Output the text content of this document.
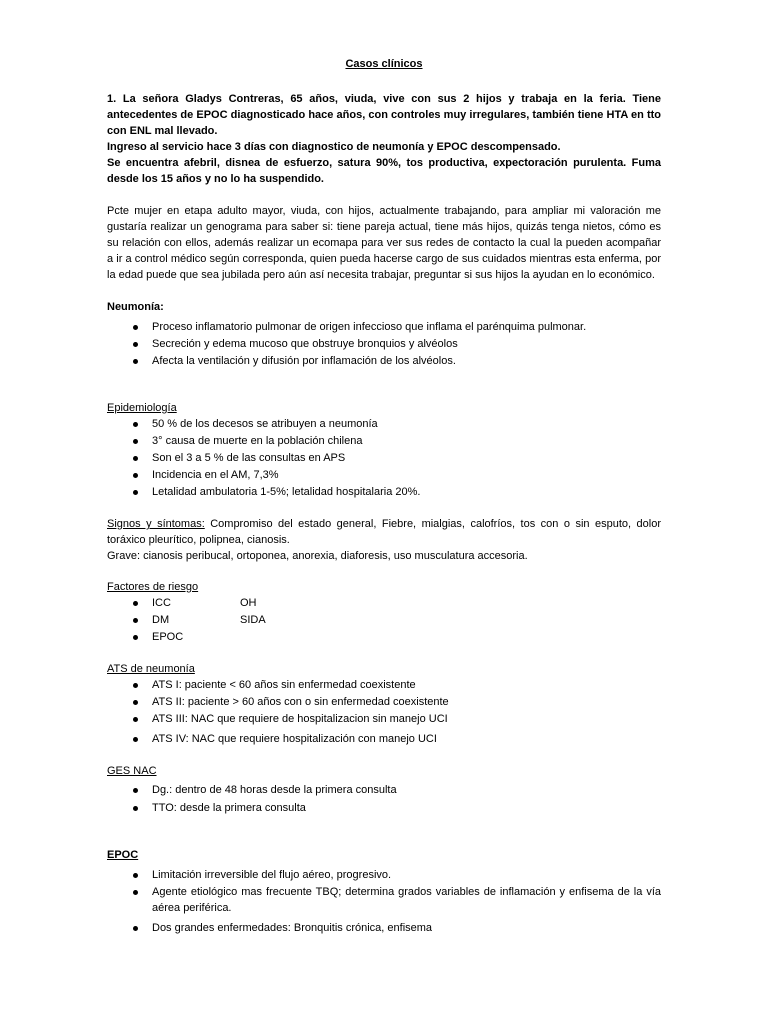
Casos clínicos

1. La señora Gladys Contreras, 65 años, viuda, vive con sus 2 hijos y trabaja en la feria. Tiene antecedentes de EPOC diagnosticado hace años, con controles muy irregulares, también tiene HTA en tto con ENL mal llevado.

Ingreso al servicio hace 3 días con diagnostico de neumonía y EPOC descompensado.

Se encuentra afebril, disnea de esfuerzo, satura 90%, tos productiva, expectoración purulenta. Fuma desde los 15 años y no lo ha suspendido.

Pcte mujer en etapa adulto mayor, viuda, con hijos, actualmente trabajando, para ampliar mi valoración me gustaría realizar un genograma para saber si: tiene pareja actual, tiene más hijos, quizás tenga nietos, cómo es su relación con ellos, además realizar un ecomapa para ver sus redes de contacto la cual la pueden acompañar a ir a control médico según corresponda, quien pueda hacerse cargo de sus cuidados mientras esta enferma, por la edad puede que sea jubilada pero aún así necesita trabajar, preguntar si sus hijos la ayudan en lo económico.

Neumonía:
Proceso inflamatorio pulmonar de origen infeccioso que inflama el parénquima pulmonar.
Secreción y edema mucoso que obstruye bronquios y alvéolos
Afecta la ventilación y difusión por inflamación de los alvéolos.
Epidemiología
50 % de los decesos se atribuyen a neumonía
3° causa de muerte en la población chilena
Son el 3 a 5 % de las consultas en APS
Incidencia en el AM, 7,3%
Letalidad ambulatoria 1-5%; letalidad hospitalaria 20%.

Signos y síntomas: Compromiso del estado general, Fiebre, mialgias, calofríos, tos con o sin esputo, dolor toráxico pleurítico, polipnea, cianosis.

Grave: cianosis peribucal, ortoponea, anorexia, diaforesis, uso musculatura accesoria.

Factores de riesgo
ICC	OH
DM	SIDA
EPOC
ATS de neumonía
ATS I: paciente < 60 años sin enfermedad coexistente
ATS II: paciente > 60 años con o sin enfermedad coexistente
ATS III: NAC que requiere de hospitalizacion sin manejo UCI
ATS IV: NAC que requiere hospitalización con manejo UCI
GES NAC
Dg.: dentro de 48 horas desde la primera consulta
TTO: desde la primera consulta
EPOC
Limitación irreversible del flujo aéreo, progresivo.
Agente etiológico mas frecuente TBQ; determina grados variables de inflamación y enfisema de la vía aérea periférica.
Dos grandes enfermedades: Bronquitis crónica, enfisema
